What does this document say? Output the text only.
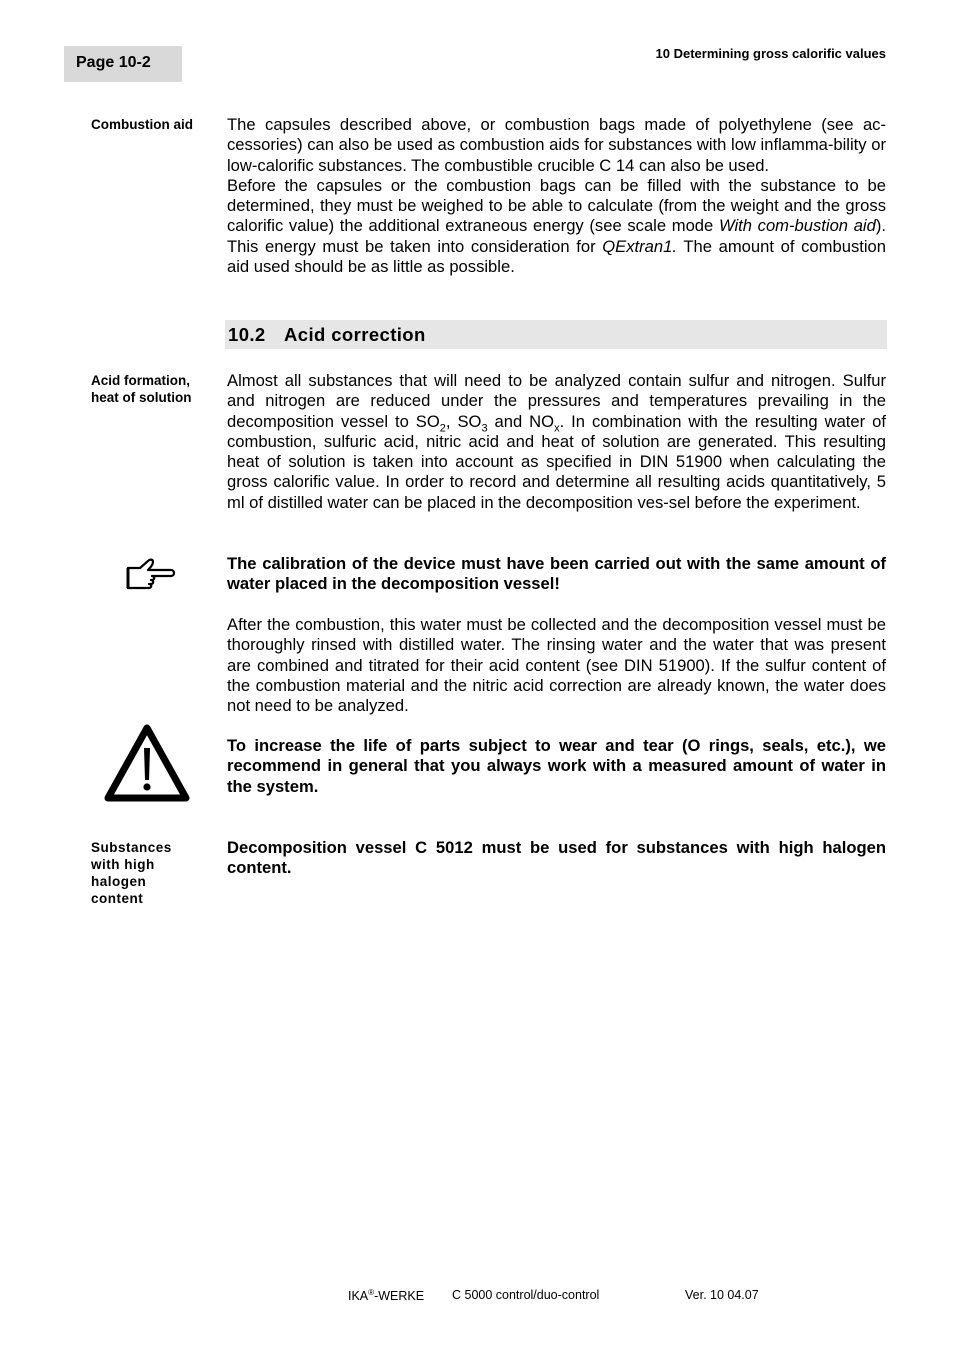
Page 10-2
10 Determining gross calorific values
Combustion aid	The capsules described above, or combustion bags made of polyethylene (see ac-cessories) can also be used as combustion aids for substances with low inflamma-bility or low-calorific substances. The combustible crucible C 14 can also be used.

Before the capsules or the combustion bags can be filled with the substance to be determined, they must be weighed to be able to calculate (from the weight and the gross calorific value) the additional extraneous energy (see scale mode With com-bustion aid). This energy must be taken into consideration for QExtran1. The amount of combustion aid used should be as little as possible.

10.2 Acid correction
Acid formation,
heat of solution

Almost all substances that will need to be analyzed contain sulfur and nitrogen. Sulfur and nitrogen are reduced under the pressures and temperatures prevailing in the decomposition vessel to $SO_2$, $SO_3$ and $NO_x$. In combination with the resulting water of combustion, sulfuric acid, nitric acid and heat of solution are generated. This resulting heat of solution is taken into account as specified in DIN 51900 when calculating the gross calorific value. In order to record and determine all resulting acids quantitatively, 5 ml of distilled water can be placed in the decomposition ves-sel before the experiment.

The calibration of the device must have been carried out with the same amount of water placed in the decomposition vessel!
After the combustion, this water must be collected and the decomposition vessel must be thoroughly rinsed with distilled water. The rinsing water and the water that was present are combined and titrated for their acid content (see DIN 51900). If the sulfur content of the combustion material and the nitric acid correction are already known, the water does not need to be analyzed.
To increase the life of parts subject to wear and tear (O rings, seals, etc.), we recommend in general that you always work with a measured amount of water in the system.
Substances
with high
halogen
content
Decomposition vessel C 5012 must be used for substances with high halogen content.
IKA®-WERKE C 5000 control/duo-control	Ver. 10 04.07
